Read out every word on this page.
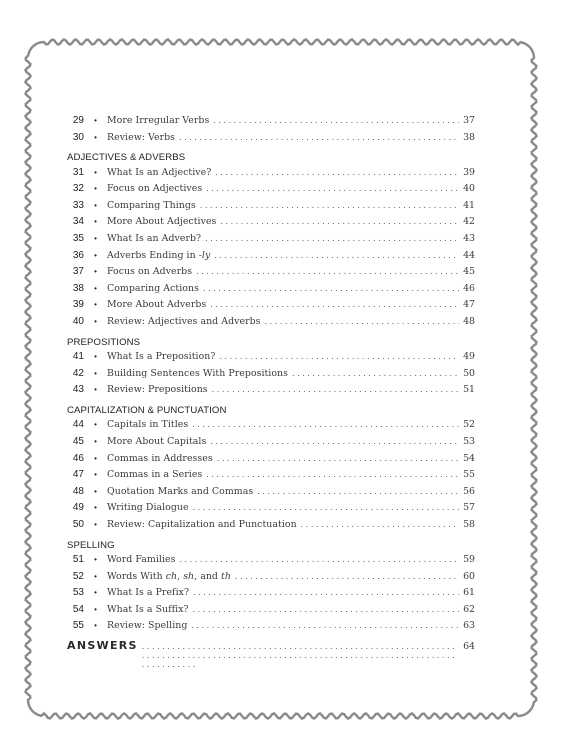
29	•	More Irregular Verbs . . .	37
30	•	Review: Verbs . . .	38
ADJECTIVES & ADVERBS
31	•	What Is an Adjective? . . .	39
32	•	Focus on Adjectives . . .	40
33	•	Comparing Things . . .	41
34	•	More About Adjectives . . .	42
35	•	What Is an Adverb? . . .	43
36	•	Adverbs Ending in -ly . . .	44
37	•	Focus on Adverbs . . .	45
38	•	Comparing Actions . . .	46
39	•	More About Adverbs . . .	47
40	•	Review: Adjectives and Adverbs . . .	48
PREPOSITIONS
41	•	What Is a Preposition? . . .	49
42	•	Building Sentences With Prepositions . . .	50
43	•	Review: Prepositions . . .	51
CAPITALIZATION & PUNCTUATION
44	•	Capitals in Titles . . .	52
45	•	More About Capitals . . .	53
46	•	Commas in Addresses . . .	54
47	•	Commas in a Series . . .	55
48	•	Quotation Marks and Commas . . .	56
49	•	Writing Dialogue . . .	57
50	•	Review: Capitalization and Punctuation . . .	58
SPELLING
51	•	Word Families . . .	59
52	•	Words With ch, sh, and th . . .	60
53	•	What Is a Prefix? . . .	61
54	•	What Is a Suffix? . . .	62
55	•	Review: Spelling . . .	63
ANSWERS . . .	64
